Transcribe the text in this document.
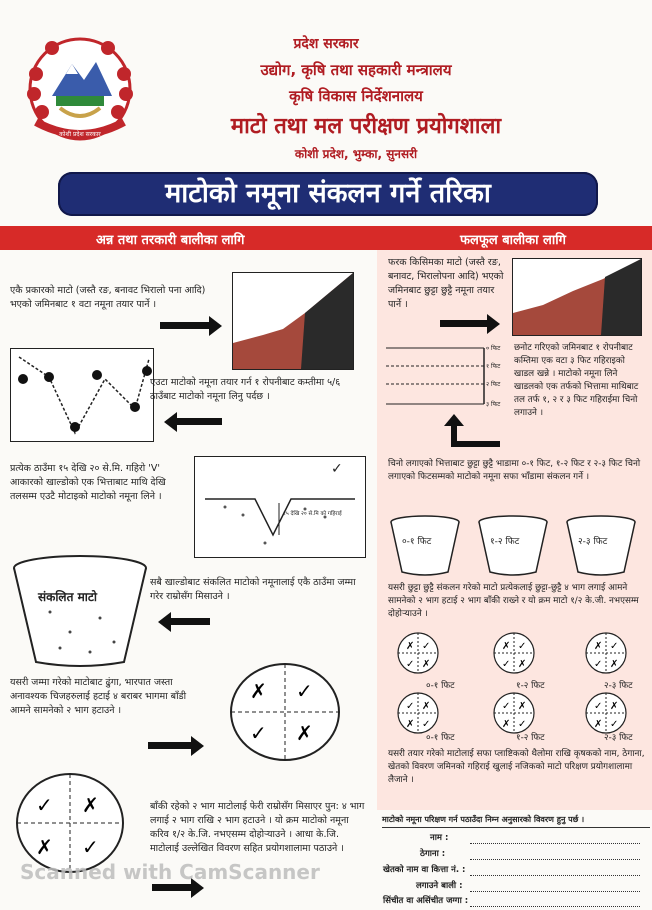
कोशी प्रदेश सरकार
प्रदेश सरकार
उद्योग, कृषि तथा सहकारी मन्त्रालय
कृषि विकास निर्देशनालय
माटो तथा मल परीक्षण प्रयोगशाला
कोशी प्रदेश, भुम्का, सुनसरी
माटोको नमूना संकलन गर्ने तरिका
अन्न तथा तरकारी बालीका लागि	फलफूल बालीका लागि
एकै प्रकारको माटो (जस्तै रङ, बनावट भिरालो पना आदि) भएको जमिनबाट १ वटा नमूना तयार पार्ने ।
एउटा माटोको नमूना तयार गर्न १ रोपनीबाट कम्तीमा ५/६ ठाउँबाट माटोको नमूना लिनु पर्दछ ।
प्रत्येक ठाउँमा १५ देखि २० से.मि. गहिरो 'V' आकारको खाल्डोको एक भित्ताबाट माथि देखि तलसम्म एउटै मोटाइको माटोको नमूना लिने ।
✓
१५ देखि २० से.मि को गहिराई
संकलित माटो
सबै खाल्डोबाट संकलित माटोको नमूनालाई एकै ठाउँमा जम्मा गरेर राम्रोसँग मिसाउने ।
यसरी जम्मा गरेको माटोबाट ढुंगा, भारपात जस्ता अनावश्यक चिजहरुलाई हटाई ४ बराबर भागमा बाँडी आमने सामनेको २ भाग हटाउने ।
✗ ✓
✓ ✗
✓ ✗
✗ ✓
बाँकी रहेको २ भाग माटोलाई फेरी राम्रोसँग मिसाएर पुन: ४ भाग लगाई २ भाग राखि २ भाग हटाउने । यो क्रम माटोको नमूना करिव १/२ के.जि. नभएसम्म दोहोऱ्याउने । आधा के.जि. माटोलाई उल्लेखित विवरण सहित प्रयोगशालामा पठाउने ।
फरक किसिमका माटो (जस्तै रङ, बनावट, भिरालोपना आदि) भएको जमिनबाट छुट्टा छुट्टै नमूना तयार पार्ने ।
० फिट
१ फिट
२ फिट
३ फिट
छनोट गरिएको जमिनबाट १ रोपनीबाट कम्तिमा एक वटा ३ फिट गहिराइको खाडल खन्ने । माटोको नमूना लिने खाडलको एक तर्फको भित्तामा माथिबाट तल तर्फ १, २ र ३ फिट गहिराईमा चिनो लगाउने ।
चिनो लगाएको भित्ताबाट छुट्टा छुट्टै भाडामा ०-१ फिट, १-२ फिट र २-३ फिट चिनो लगाएको फिटसम्मको माटोको नमूना सफा भाँडामा संकलन गर्ने ।
०-१ फिट	१-२ फिट	२-३ फिट
यसरी छुट्टा छुट्टै संकलन गरेको माटो प्रत्येकलाई छुट्टा-छुट्टै ४ भाग लगाई आमने सामनेको २ भाग हटाई २ भाग बाँकी राख्ने र यो क्रम माटो १/२ के.जी. नभएसम्म दोहोऱ्याउने ।
✗ ✓
✓ ✗
✗ ✓
✓ ✗
✗ ✓
✓ ✗
०-१ फिट	१-२ फिट	२-३ फिट
✓ ✗
✗ ✓
✓ ✗
✗ ✓
✓ ✗
✗ ✓
०-१ फिट	१-२ फिट	२-३ फिट
यसरी तयार गरेको माटोलाई सफा प्लाष्टिकको थैलोमा राखि कृषकको नाम, ठेगाना, खेतको विवरण जमिनको गहिराई खुलाई नजिकको माटो परिक्षण प्रयोगशालामा लैजाने ।
माटोको नमूना परिक्षण गर्न पठाउँदा निम्न अनुसारको विवरण हुनु पर्छ ।
नाम :
ठेगाना :
खेतको नाम वा कित्ता नं. :
लगाउने बाली :
सिंचीत वा असिंचीत जग्गा :
Scanned with CamScanner
